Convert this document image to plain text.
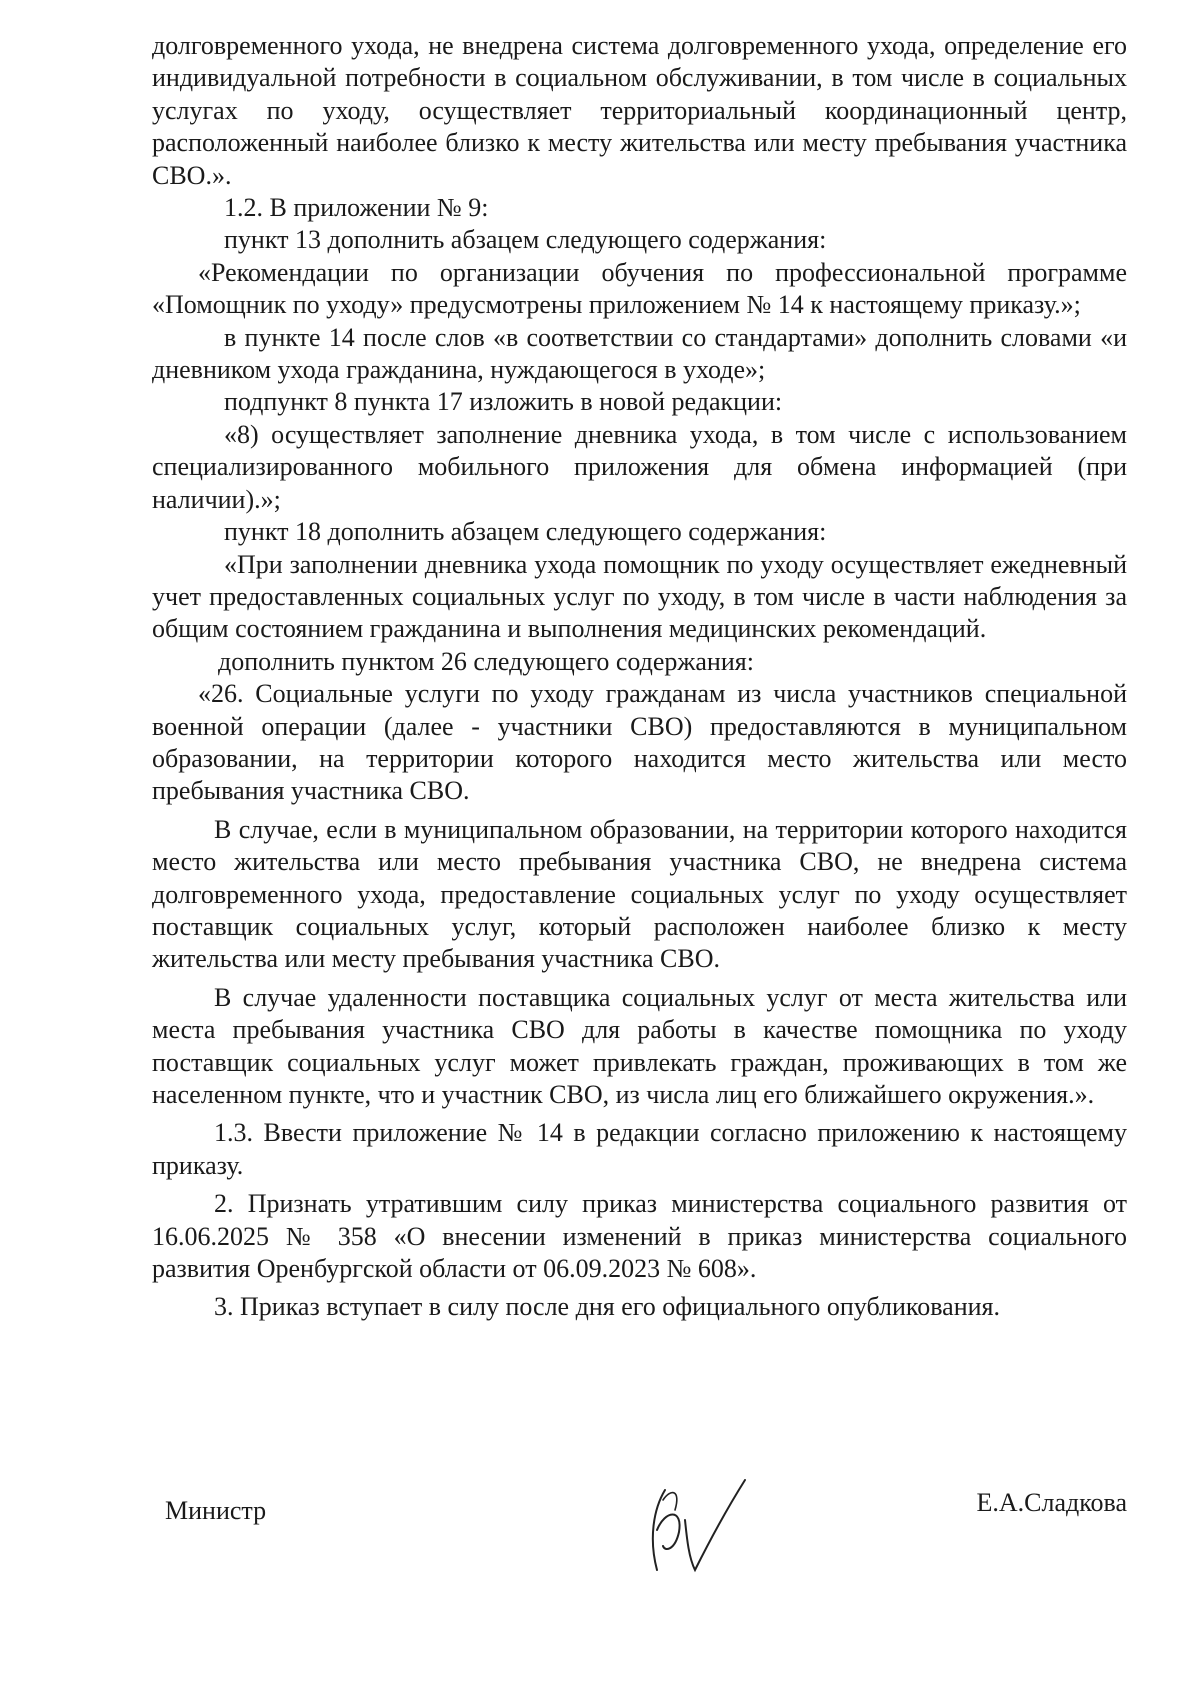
долговременного ухода, не внедрена система долговременного ухода, определение его индивидуальной потребности в социальном обслуживании, в том числе в социальных услугах по уходу, осуществляет территориальный координационный центр, расположенный наиболее близко к месту жительства или месту пребывания участника СВО.».

1.2. В приложении № 9:

пункт 13 дополнить абзацем следующего содержания:

«Рекомендации по организации обучения по профессиональной программе «Помощник по уходу» предусмотрены приложением № 14 к настоящему приказу.»;

в пункте 14 после слов «в соответствии со стандартами» дополнить словами «и дневником ухода гражданина, нуждающегося в уходе»;

подпункт 8 пункта 17 изложить в новой редакции:

«8) осуществляет заполнение дневника ухода, в том числе с использованием специализированного мобильного приложения для обмена информацией (при наличии).»;

пункт 18 дополнить абзацем следующего содержания:

«При заполнении дневника ухода помощник по уходу осуществляет ежедневный учет предоставленных социальных услуг по уходу, в том числе в части наблюдения за общим состоянием гражданина и выполнения медицинских рекомендаций.

дополнить пунктом 26 следующего содержания:

«26. Социальные услуги по уходу гражданам из числа участников специальной военной операции (далее - участники СВО) предоставляются в муниципальном образовании, на территории которого находится место жительства или место пребывания участника СВО.

В случае, если в муниципальном образовании, на территории которого находится место жительства или место пребывания участника СВО, не внедрена система долговременного ухода, предоставление социальных услуг по уходу осуществляет поставщик социальных услуг, который расположен наиболее близко к месту жительства или месту пребывания участника СВО.

В случае удаленности поставщика социальных услуг от места жительства или места пребывания участника СВО для работы в качестве помощника по уходу поставщик социальных услуг может привлекать граждан, проживающих в том же населенном пункте, что и участник СВО, из числа лиц его ближайшего окружения.».

1.3. Ввести приложение № 14 в редакции согласно приложению к настоящему приказу.

2. Признать утратившим силу приказ министерства социального развития от 16.06.2025 № 358 «О внесении изменений в приказ министерства социального развития Оренбургской области от 06.09.2023 № 608».

3. Приказ вступает в силу после дня его официального опубликования.

Министр	Е.А.Сладкова
